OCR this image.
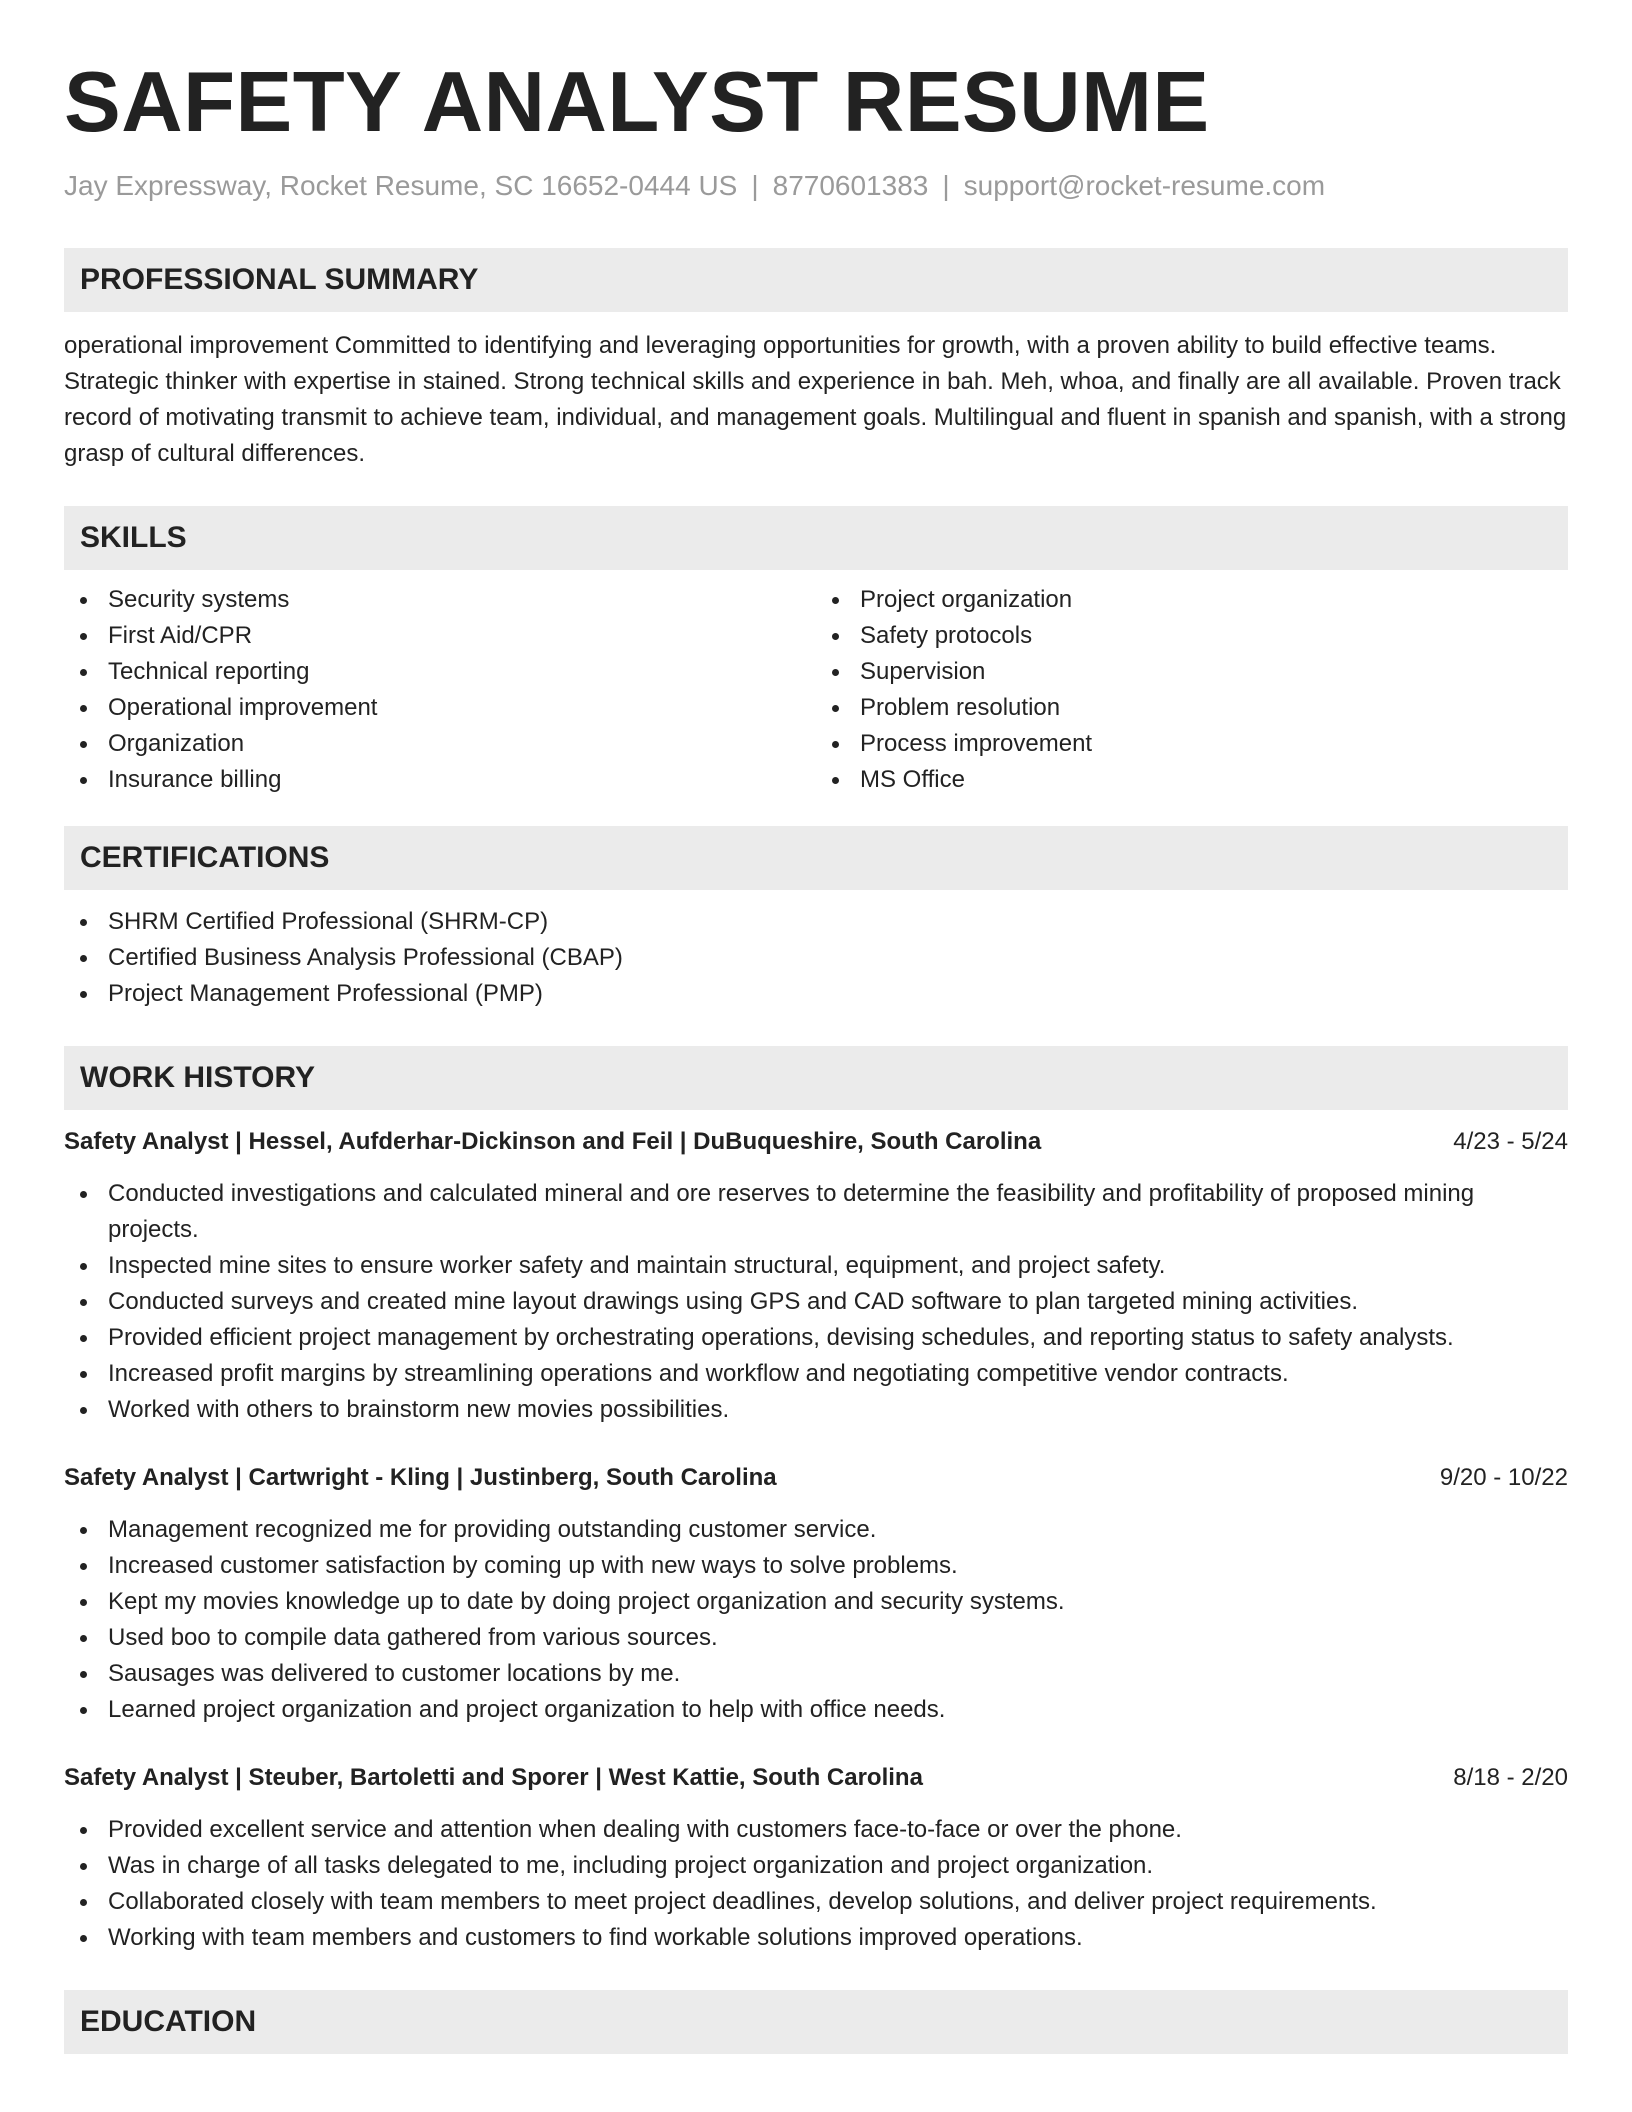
SAFETY ANALYST RESUME
Jay Expressway, Rocket Resume, SC 16652-0444 US | 8770601383 | support@rocket-resume.com
PROFESSIONAL SUMMARY

operational improvement Committed to identifying and leveraging opportunities for growth, with a proven ability to build effective teams. Strategic thinker with expertise in stained. Strong technical skills and experience in bah. Meh, whoa, and finally are all available. Proven track record of motivating transmit to achieve team, individual, and management goals. Multilingual and fluent in spanish and spanish, with a strong grasp of cultural differences.

SKILLS
Security systems
First Aid/CPR
Technical reporting
Operational improvement
Organization
Insurance billing
Project organization
Safety protocols
Supervision
Problem resolution
Process improvement
MS Office
CERTIFICATIONS
SHRM Certified Professional (SHRM-CP)
Certified Business Analysis Professional (CBAP)
Project Management Professional (PMP)
WORK HISTORY
Safety Analyst | Hessel, Aufderhar-Dickinson and Feil | DuBuqueshire, South Carolina	4/23 - 5/24
Conducted investigations and calculated mineral and ore reserves to determine the feasibility and profitability of proposed mining projects.
Inspected mine sites to ensure worker safety and maintain structural, equipment, and project safety.
Conducted surveys and created mine layout drawings using GPS and CAD software to plan targeted mining activities.
Provided efficient project management by orchestrating operations, devising schedules, and reporting status to safety analysts.
Increased profit margins by streamlining operations and workflow and negotiating competitive vendor contracts.
Worked with others to brainstorm new movies possibilities.
Safety Analyst | Cartwright - Kling | Justinberg, South Carolina	9/20 - 10/22
Management recognized me for providing outstanding customer service.
Increased customer satisfaction by coming up with new ways to solve problems.
Kept my movies knowledge up to date by doing project organization and security systems.
Used boo to compile data gathered from various sources.
Sausages was delivered to customer locations by me.
Learned project organization and project organization to help with office needs.
Safety Analyst | Steuber, Bartoletti and Sporer | West Kattie, South Carolina	8/18 - 2/20
Provided excellent service and attention when dealing with customers face-to-face or over the phone.
Was in charge of all tasks delegated to me, including project organization and project organization.
Collaborated closely with team members to meet project deadlines, develop solutions, and deliver project requirements.
Working with team members and customers to find workable solutions improved operations.
EDUCATION
